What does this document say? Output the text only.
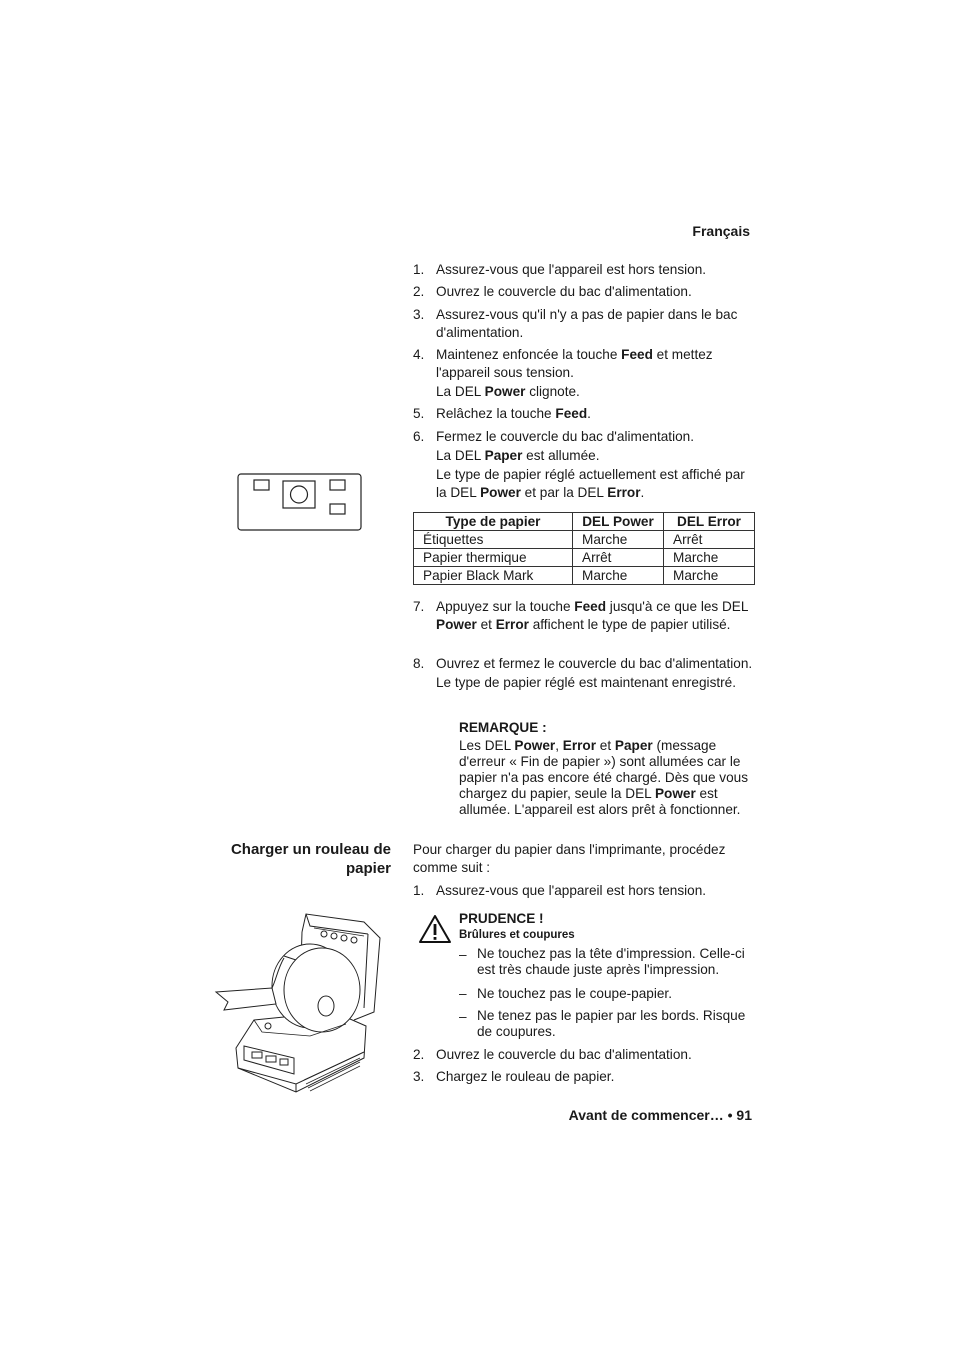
Français
1. Assurez-vous que l'appareil est hors tension.
2. Ouvrez le couvercle du bac d'alimentation.
3. Assurez-vous qu'il n'y a pas de papier dans le bac d'alimentation.
4. Maintenez enfoncée la touche Feed et mettez l'appareil sous tension.
La DEL Power clignote.
5. Relâchez la touche Feed.
6. Fermez le couvercle du bac d'alimentation.
La DEL Paper est allumée.
Le type de papier réglé actuellement est affiché par la DEL Power et par la DEL Error.
Type de papier	DEL Power	DEL Error
Étiquettes	Marche	Arrêt
Papier thermique	Arrêt	Marche
Papier Black Mark	Marche	Marche
7. Appuyez sur la touche Feed jusqu'à ce que les DEL Power et Error affichent le type de papier utilisé.
8. Ouvrez et fermez le couvercle du bac d'alimentation.
Le type de papier réglé est maintenant enregistré.
REMARQUE :
Les DEL Power, Error et Paper (message d'erreur « Fin de papier ») sont allumées car le papier n'a pas encore été chargé. Dès que vous chargez du papier, seule la DEL Power est allumée. L'appareil est alors prêt à fonctionner.
Charger un rouleau de
papier
Pour charger du papier dans l'imprimante, procédez comme suit :
1. Assurez-vous que l'appareil est hors tension.
PRUDENCE !
Brûlures et coupures
– Ne touchez pas la tête d'impression. Celle-ci est très chaude juste après l'impression.
– Ne touchez pas le coupe-papier.
– Ne tenez pas le papier par les bords. Risque de coupures.
2. Ouvrez le couvercle du bac d'alimentation.
3. Chargez le rouleau de papier.
Avant de commencer… • 91
